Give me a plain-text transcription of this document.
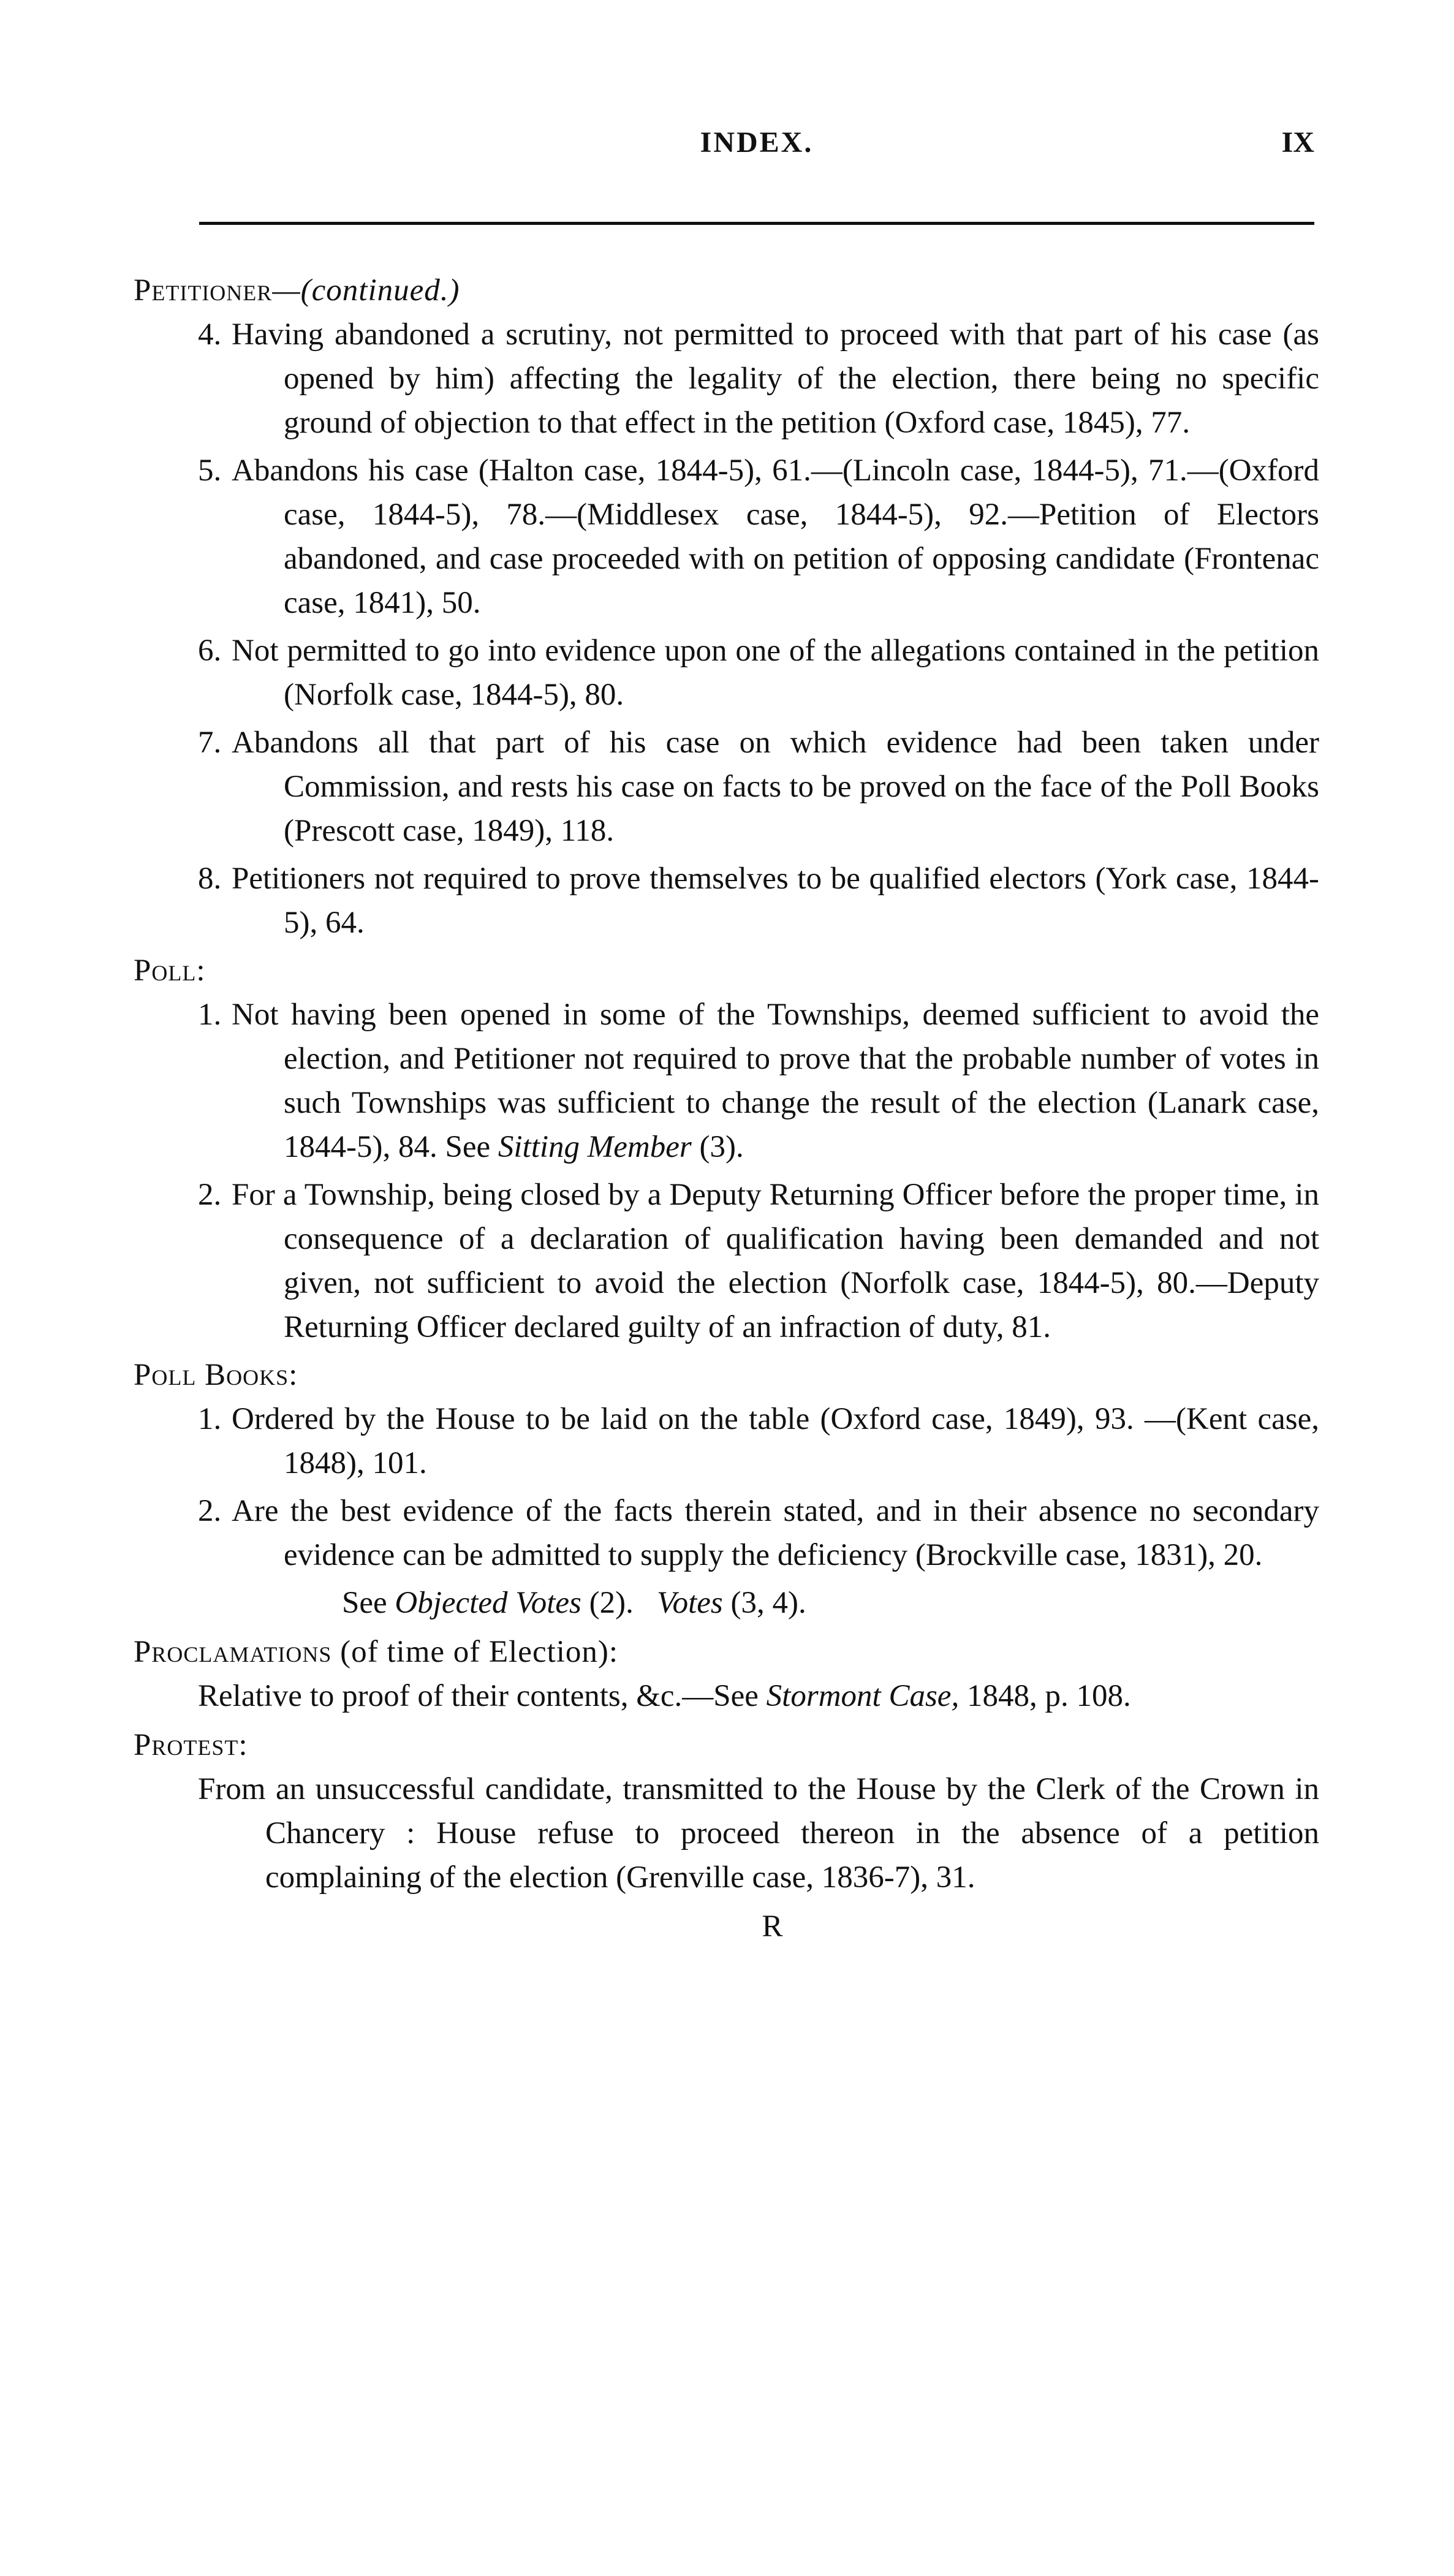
INDEX.	IX
Petitioner—(continued.)
4. Having abandoned a scrutiny, not permitted to proceed with that part of his case (as opened by him) affecting the legality of the election, there being no specific ground of objection to that effect in the petition (Oxford case, 1845), 77.
5. Abandons his case (Halton case, 1844-5), 61.—(Lincoln case, 1844-5), 71.—(Oxford case, 1844-5), 78.—(Middlesex case, 1844-5), 92.—Petition of Electors abandoned, and case proceeded with on petition of opposing candidate (Frontenac case, 1841), 50.
6. Not permitted to go into evidence upon one of the allegations contained in the petition (Norfolk case, 1844-5), 80.
7. Abandons all that part of his case on which evidence had been taken under Commission, and rests his case on facts to be proved on the face of the Poll Books (Prescott case, 1849), 118.
8. Petitioners not required to prove themselves to be qualified electors (York case, 1844-5), 64.
Poll:
1. Not having been opened in some of the Townships, deemed sufficient to avoid the election, and Petitioner not required to prove that the probable number of votes in such Townships was sufficient to change the result of the election (Lanark case, 1844-5), 84. See Sitting Member (3).
2. For a Township, being closed by a Deputy Returning Officer before the proper time, in consequence of a declaration of qualification having been demanded and not given, not sufficient to avoid the election (Norfolk case, 1844-5), 80.—Deputy Returning Officer declared guilty of an infraction of duty, 81.
Poll Books:
1. Ordered by the House to be laid on the table (Oxford case, 1849), 93. —(Kent case, 1848), 101.
2. Are the best evidence of the facts therein stated, and in their absence no secondary evidence can be admitted to supply the deficiency (Brockville case, 1831), 20.
See Objected Votes (2). Votes (3, 4).
Proclamations (of time of Election):
Relative to proof of their contents, &c.—See Stormont Case, 1848, p. 108.
Protest:
From an unsuccessful candidate, transmitted to the House by the Clerk of the Crown in Chancery : House refuse to proceed thereon in the absence of a petition complaining of the election (Grenville case, 1836-7), 31.
R
